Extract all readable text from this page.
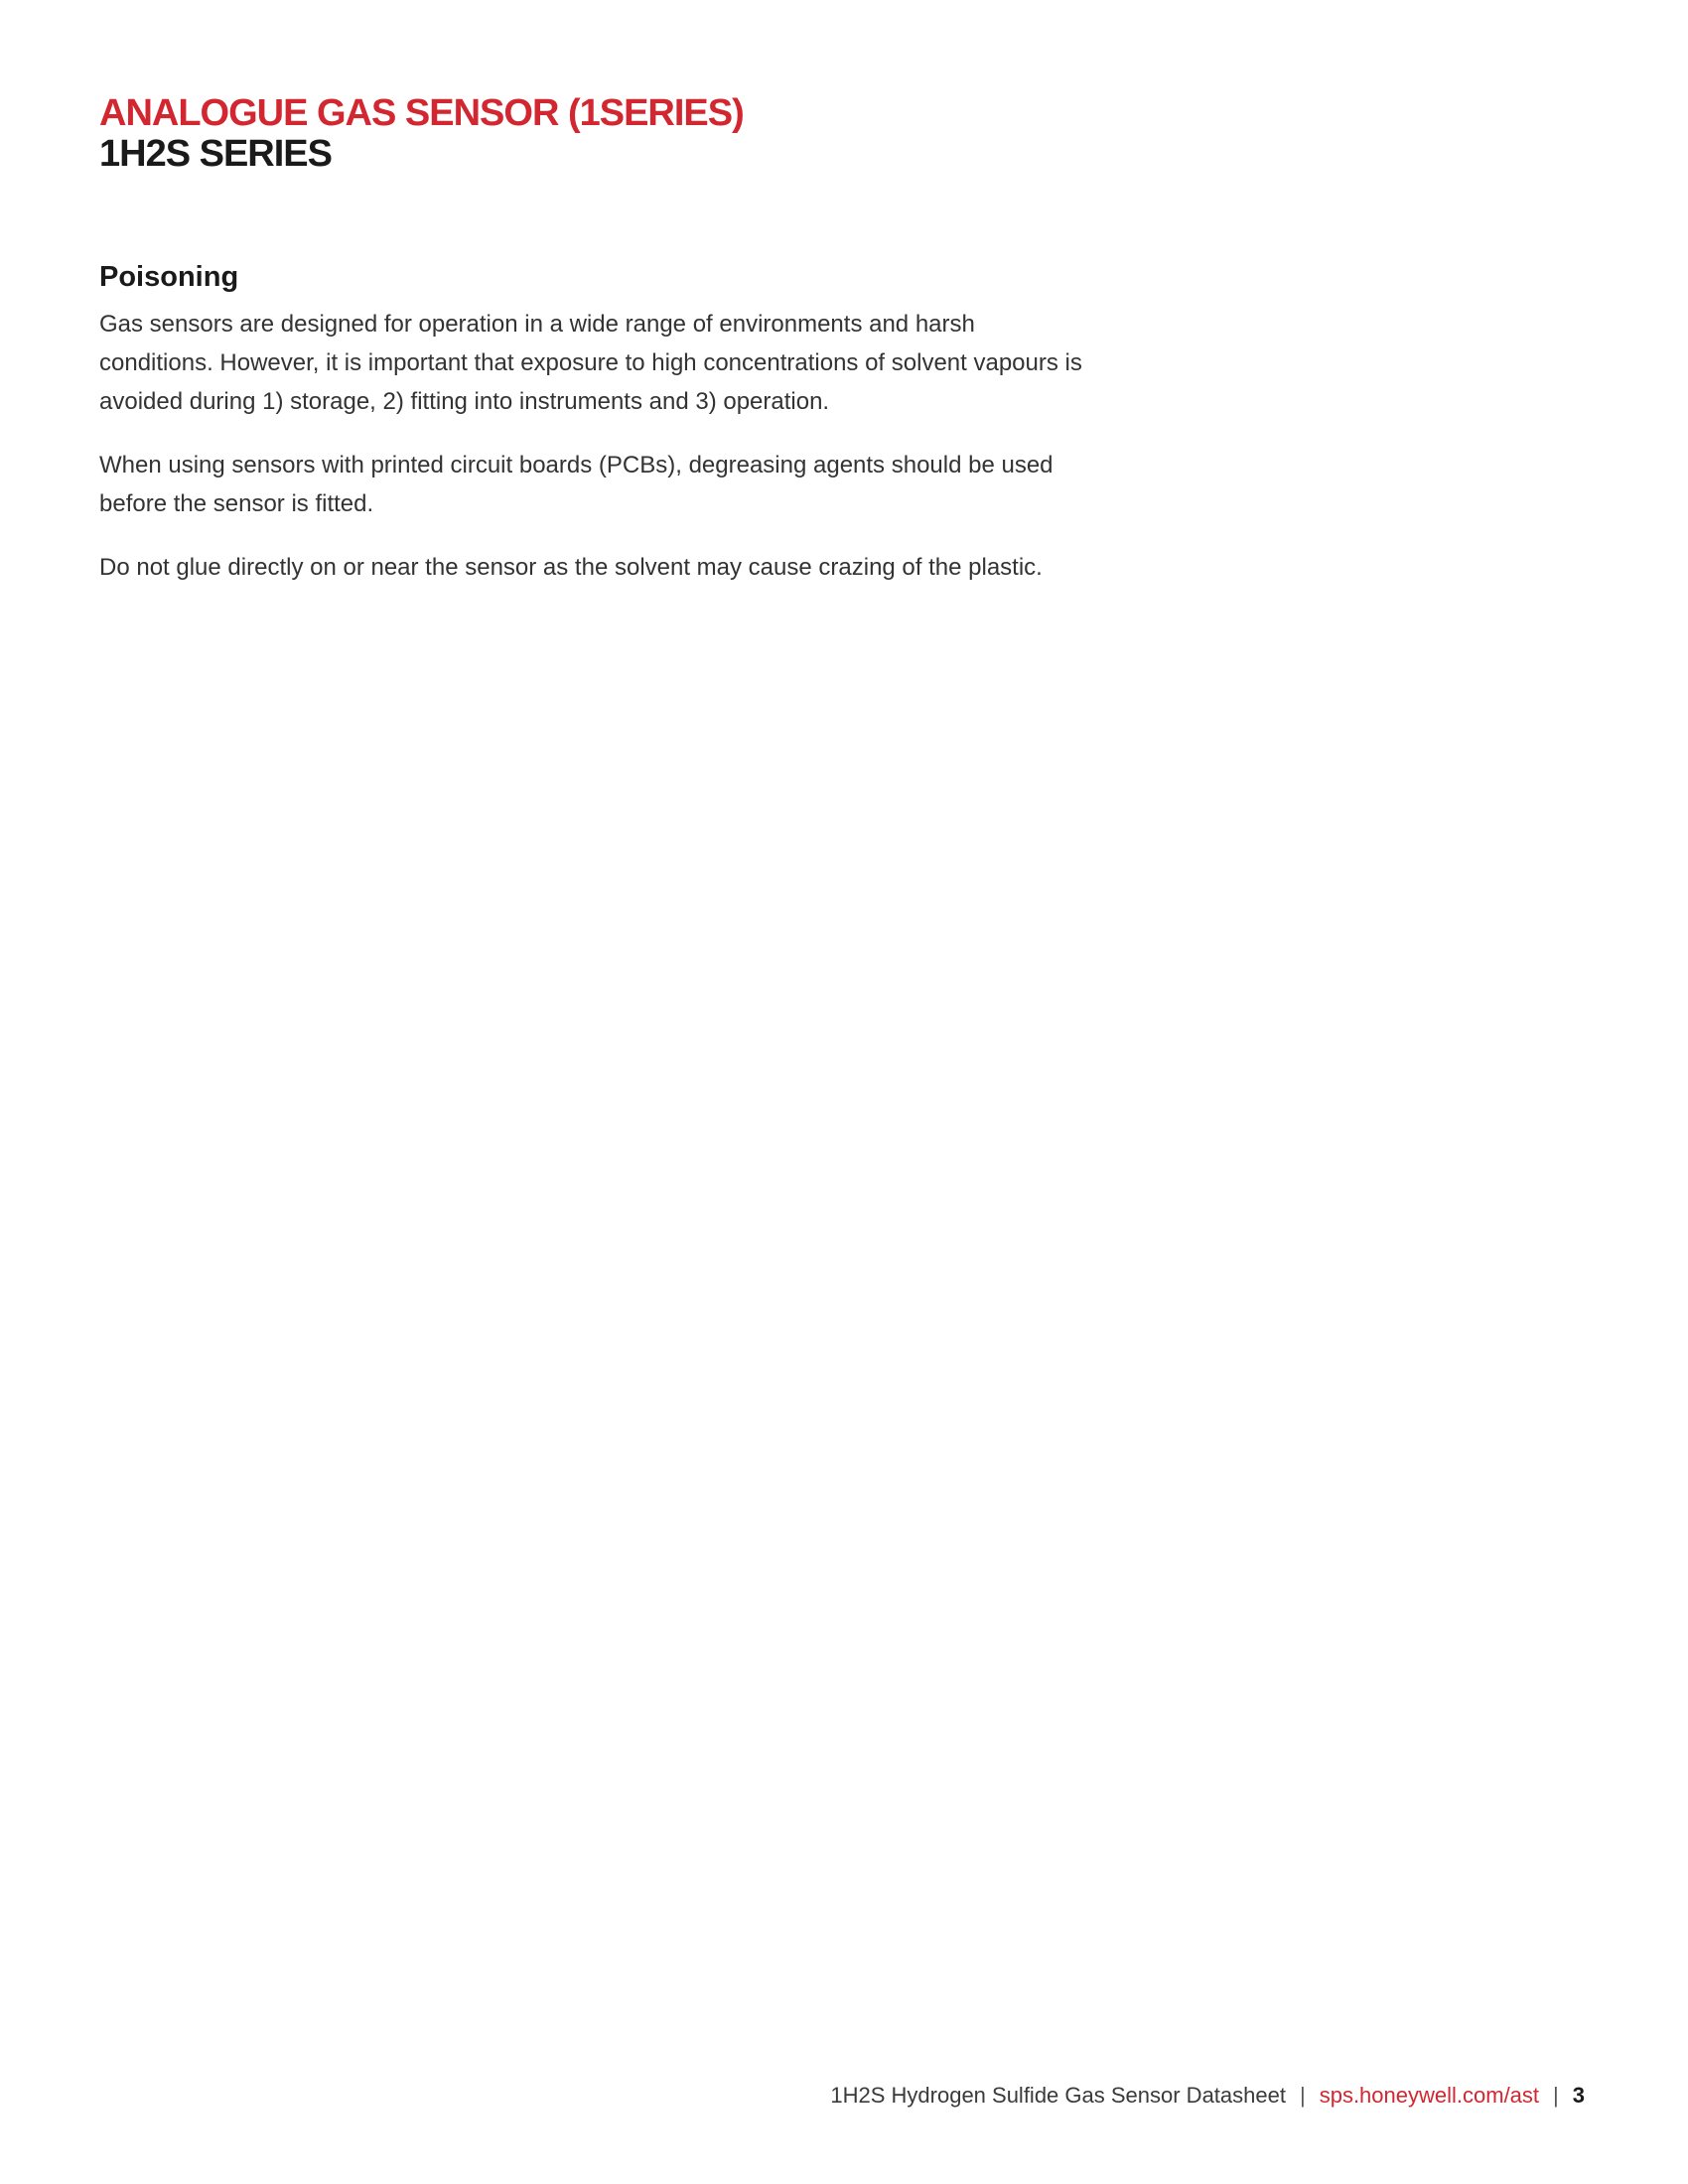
ANALOGUE GAS SENSOR (1SERIES)
1H2S SERIES
Poisoning

Gas sensors are designed for operation in a wide range of environments and harsh conditions. However, it is important that exposure to high concentrations of solvent vapours is avoided during 1) storage, 2) fitting into instruments and 3) operation.

When using sensors with printed circuit boards (PCBs), degreasing agents should be used before the sensor is fitted.

Do not glue directly on or near the sensor as the solvent may cause crazing of the plastic.

1H2S Hydrogen Sulfide Gas Sensor Datasheet | sps.honeywell.com/ast | 3
